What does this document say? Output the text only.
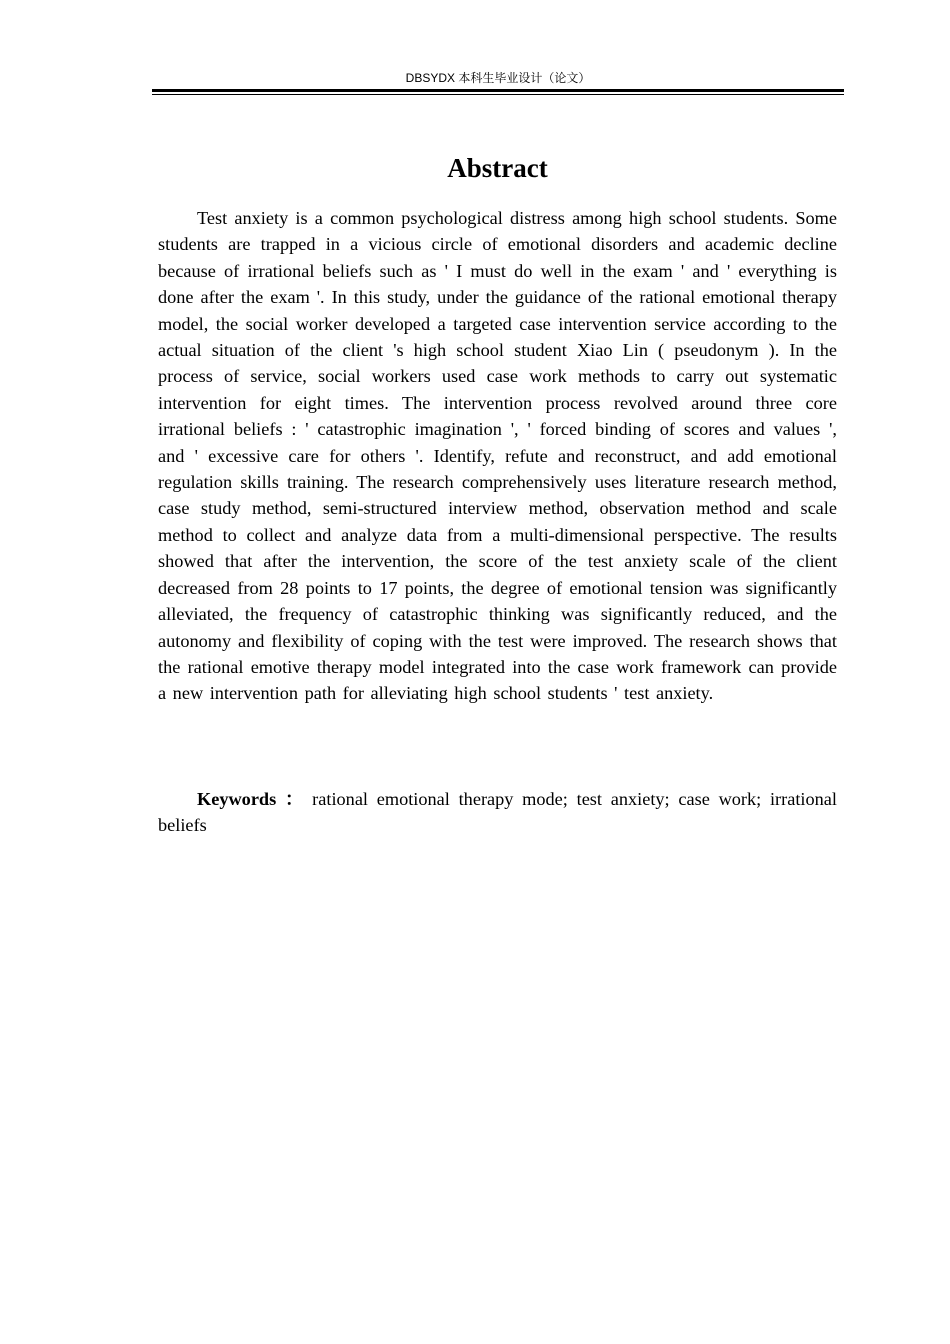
DBSYDX 本科生毕业设计（论文）
Abstract

Test anxiety is a common psychological distress among high school students. Some students are trapped in a vicious circle of emotional disorders and academic decline because of irrational beliefs such as ' I must do well in the exam ' and ' everything is done after the exam '. In this study, under the guidance of the rational emotional therapy model, the social worker developed a targeted case intervention service according to the actual situation of the client 's high school student Xiao Lin ( pseudonym ). In the process of service, social workers used case work methods to carry out systematic intervention for eight times. The intervention process revolved around three core irrational beliefs : ' catastrophic imagination ', ' forced binding of scores and values ', and ' excessive care for others '. Identify, refute and reconstruct, and add emotional regulation skills training. The research comprehensively uses literature research method, case study method, semi-structured interview method, observation method and scale method to collect and analyze data from a multi-dimensional perspective. The results showed that after the intervention, the score of the test anxiety scale of the client decreased from 28 points to 17 points, the degree of emotional tension was significantly alleviated, the frequency of catastrophic thinking was significantly reduced, and the autonomy and flexibility of coping with the test were improved. The research shows that the rational emotive therapy model integrated into the case work framework can provide a new intervention path for alleviating high school students ' test anxiety.

Keywords ： rational emotional therapy mode; test anxiety; case work; irrational beliefs
